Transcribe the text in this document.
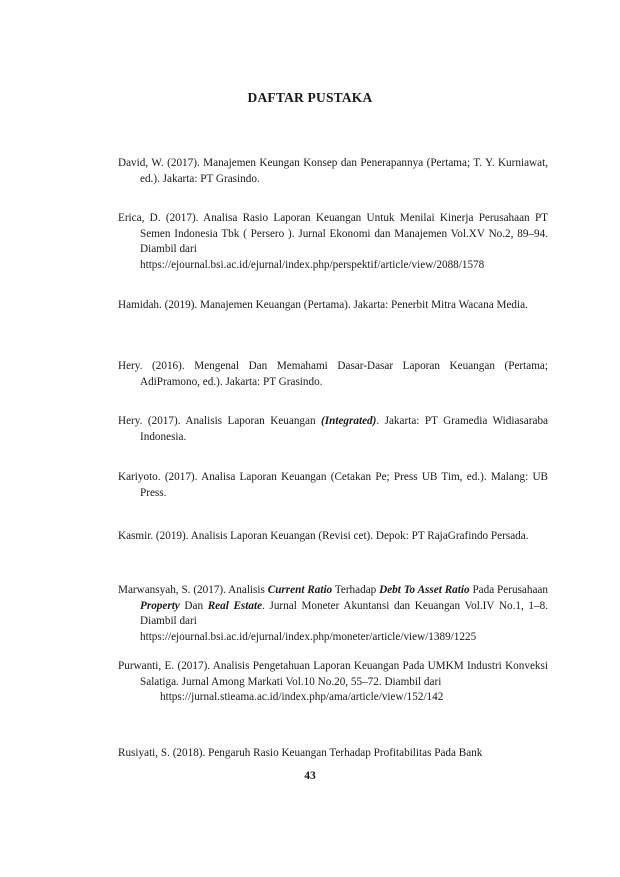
DAFTAR PUSTAKA
David, W. (2017). Manajemen Keungan Konsep dan Penerapannya (Pertama; T. Y. Kurniawat, ed.). Jakarta: PT Grasindo.
Erica, D. (2017). Analisa Rasio Laporan Keuangan Untuk Menilai Kinerja Perusahaan PT Semen Indonesia Tbk ( Persero ). Jurnal Ekonomi dan Manajemen Vol.XV No.2, 89–94. Diambil dari
https://ejournal.bsi.ac.id/ejurnal/index.php/perspektif/article/view/2088/1578
Hamidah. (2019). Manajemen Keuangan (Pertama). Jakarta: Penerbit Mitra Wacana Media.
Hery. (2016). Mengenal Dan Memahami Dasar-Dasar Laporan Keuangan (Pertama; AdiPramono, ed.). Jakarta: PT Grasindo.
Hery. (2017). Analisis Laporan Keuangan (Integrated). Jakarta: PT Gramedia Widiasaraba Indonesia.
Kariyoto. (2017). Analisa Laporan Keuangan (Cetakan Pe; Press UB Tim, ed.). Malang: UB Press.
Kasmir. (2019). Analisis Laporan Keuangan (Revisi cet). Depok: PT RajaGrafindo Persada.
Marwansyah, S. (2017). Analisis Current Ratio Terhadap Debt To Asset Ratio Pada Perusahaan Property Dan Real Estate. Jurnal Moneter Akuntansi dan Keuangan Vol.IV No.1, 1–8. Diambil dari
https://ejournal.bsi.ac.id/ejurnal/index.php/moneter/article/view/1389/1225
Purwanti, E. (2017). Analisis Pengetahuan Laporan Keuangan Pada UMKM Industri Konveksi Salatiga. Jurnal Among Markati Vol.10 No.20, 55–72. Diambil dari
https://jurnal.stieama.ac.id/index.php/ama/article/view/152/142
Rusiyati, S. (2018). Pengaruh Rasio Keuangan Terhadap Profitabilitas Pada Bank
43
